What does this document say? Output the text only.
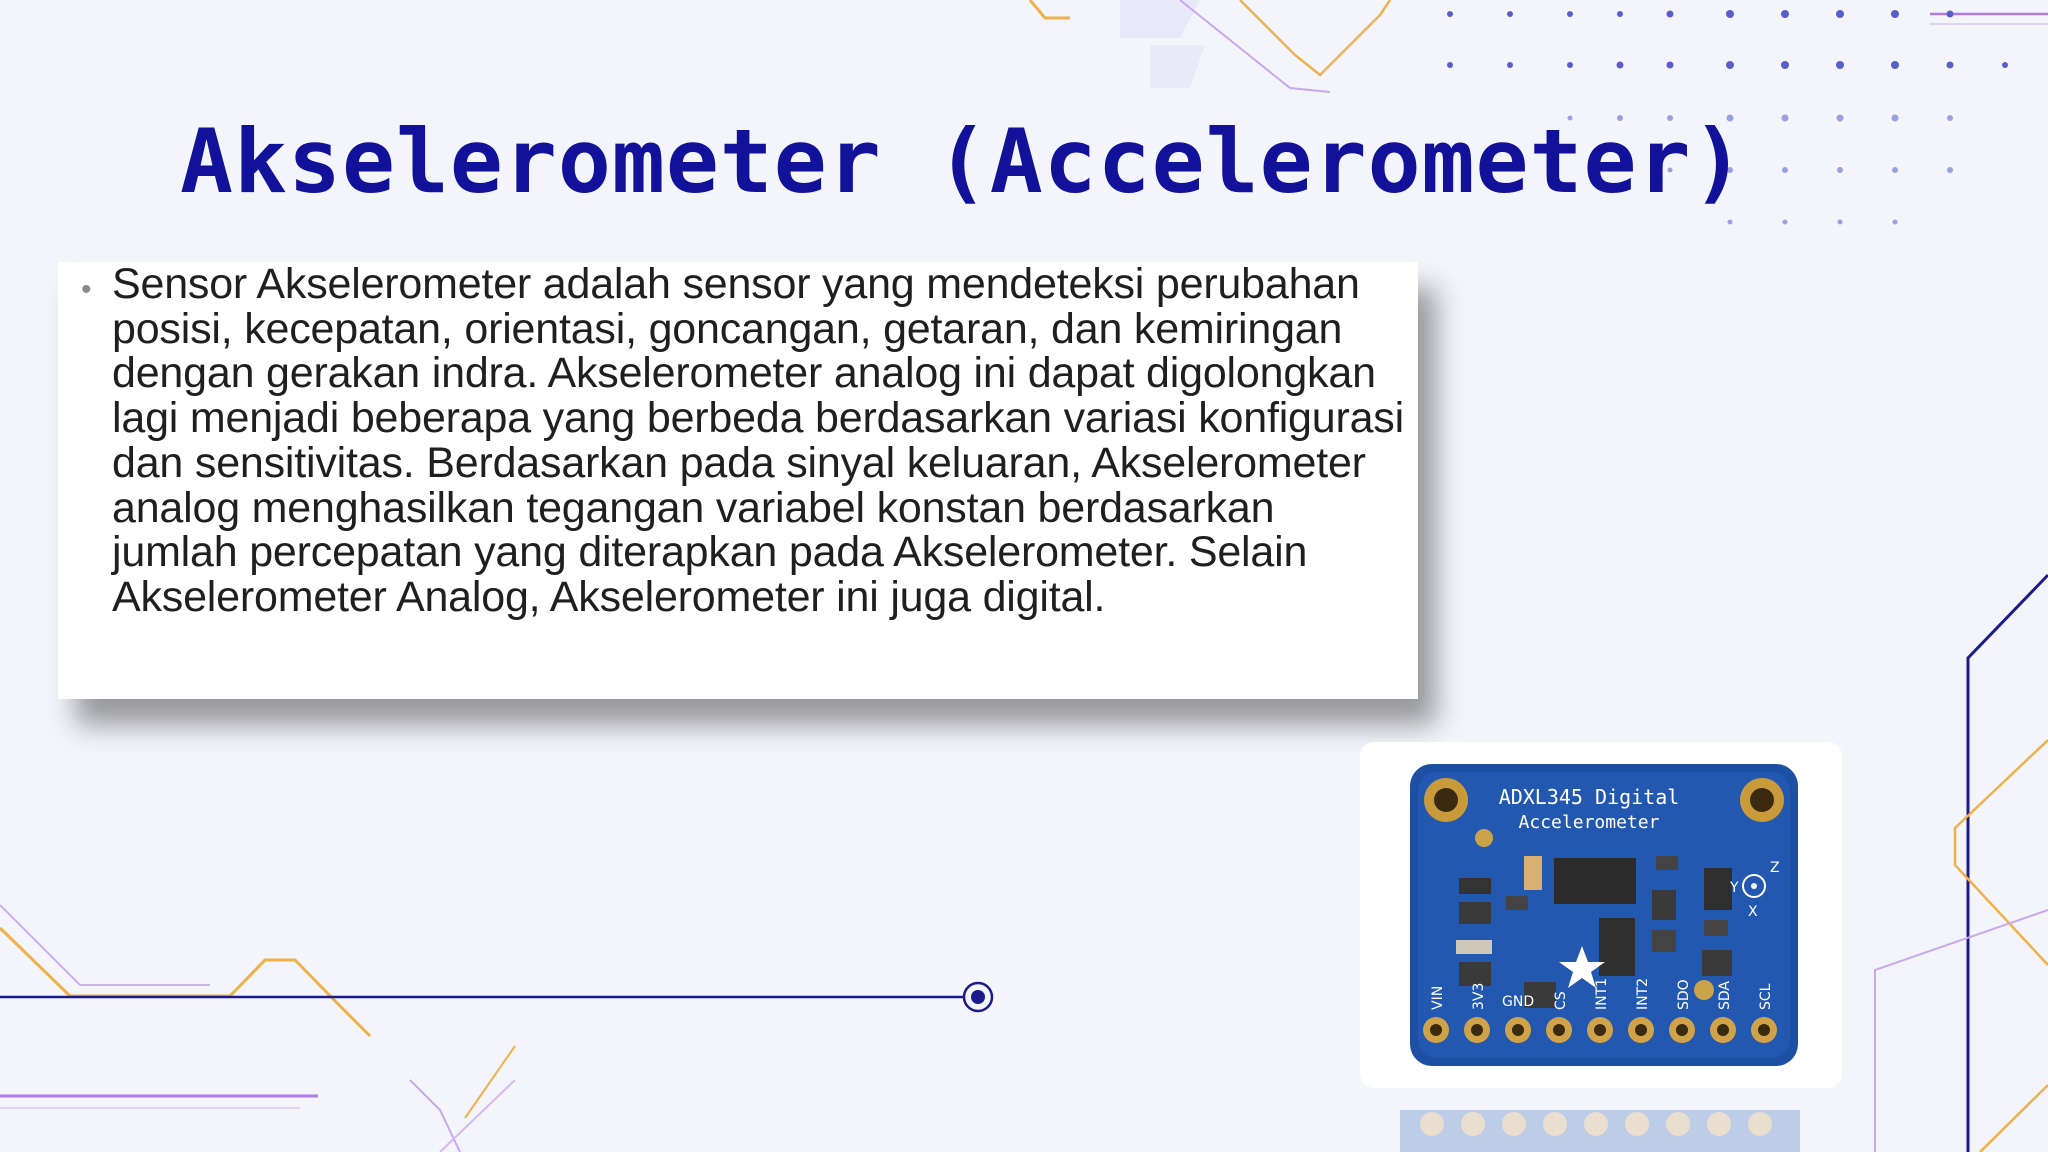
Akselerometer (Accelerometer)
• Sensor Akselerometer adalah sensor yang mendeteksi perubahan posisi, kecepatan, orientasi, goncangan, getaran, dan kemiringan dengan gerakan indra. Akselerometer analog ini dapat digolongkan lagi menjadi beberapa yang berbeda berdasarkan variasi konfigurasi dan sensitivitas. Berdasarkan pada sinyal keluaran, Akselerometer analog menghasilkan tegangan variabel konstan berdasarkan jumlah percepatan yang diterapkan pada Akselerometer. Selain Akselerometer Analog, Akselerometer ini juga digital.

ADXL345 Digital
Accelerometer
Z
Y
X
VIN 3V3 GND CS INT1 INT2 SDO SDA SCL
